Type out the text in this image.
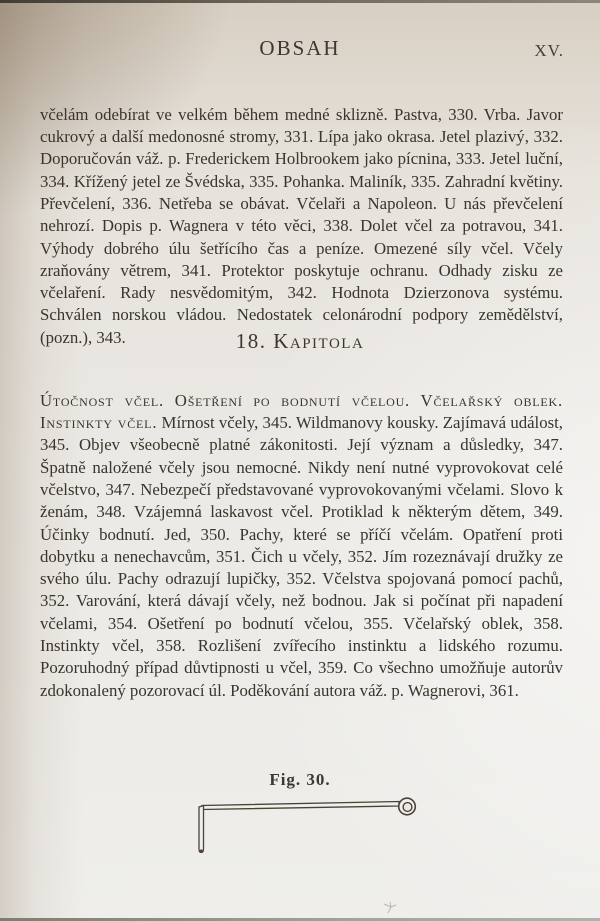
OBSAH	XV.

včelám odebírat ve velkém během medné sklizně. Pastva, 330. Vrba. Javor cukrový a další medonosné stromy, 331. Lípa jako okrasa. Jetel plazivý, 332. Doporučován váž. p. Frederickem Holbrookem jako pícnina, 333. Jetel luční, 334. Křížený jetel ze Švédska, 335. Pohanka. Maliník, 335. Zahradní květiny. Převčelení, 336. Netřeba se obávat. Včelaři a Napoleon. U nás převčelení nehrozí. Dopis p. Wagnera v této věci, 338. Dolet včel za potravou, 341. Výhody dobrého úlu šetřícího čas a peníze. Omezené síly včel. Včely zraňovány větrem, 341. Protektor poskytuje ochranu. Odhady zisku ze včelaření. Rady nesvědomitým, 342. Hodnota Dzierzonova systému. Schválen norskou vládou. Nedostatek celonárodní podpory zemědělství, (pozn.), 343.	18. Kapitola

Útočnost včel. Ošetření po bodnutí včelou. Včelařský oblek. Instinkty včel. Mírnost včely, 345. Wildmanovy kousky. Zajímavá událost, 345. Objev všeobecně platné zákonitosti. Její význam a důsledky, 347. Špatně naložené včely jsou nemocné. Nikdy není nutné vyprovokovat celé včelstvo, 347. Nebezpečí představované vyprovokovanými včelami. Slovo k ženám, 348. Vzájemná laskavost včel. Protiklad k některým dětem, 349. Účinky bodnutí. Jed, 350. Pachy, které se příčí včelám. Opatření proti dobytku a nenechavcům, 351. Čich u včely, 352. Jím rozeznávají družky ze svého úlu. Pachy odrazují lupičky, 352. Včelstva spojovaná pomocí pachů, 352. Varování, která dávají včely, než bodnou. Jak si počínat při napadení včelami, 354. Ošetření po bodnutí včelou, 355. Včelařský oblek, 358. Instinkty včel, 358. Rozlišení zvířecího instinktu a lidského rozumu. Pozoruhodný případ důvtipnosti u včel, 359. Co všechno umožňuje autorův zdokonalený pozorovací úl. Poděkování autora váž. p. Wagnerovi, 361.

Fig. 30.
